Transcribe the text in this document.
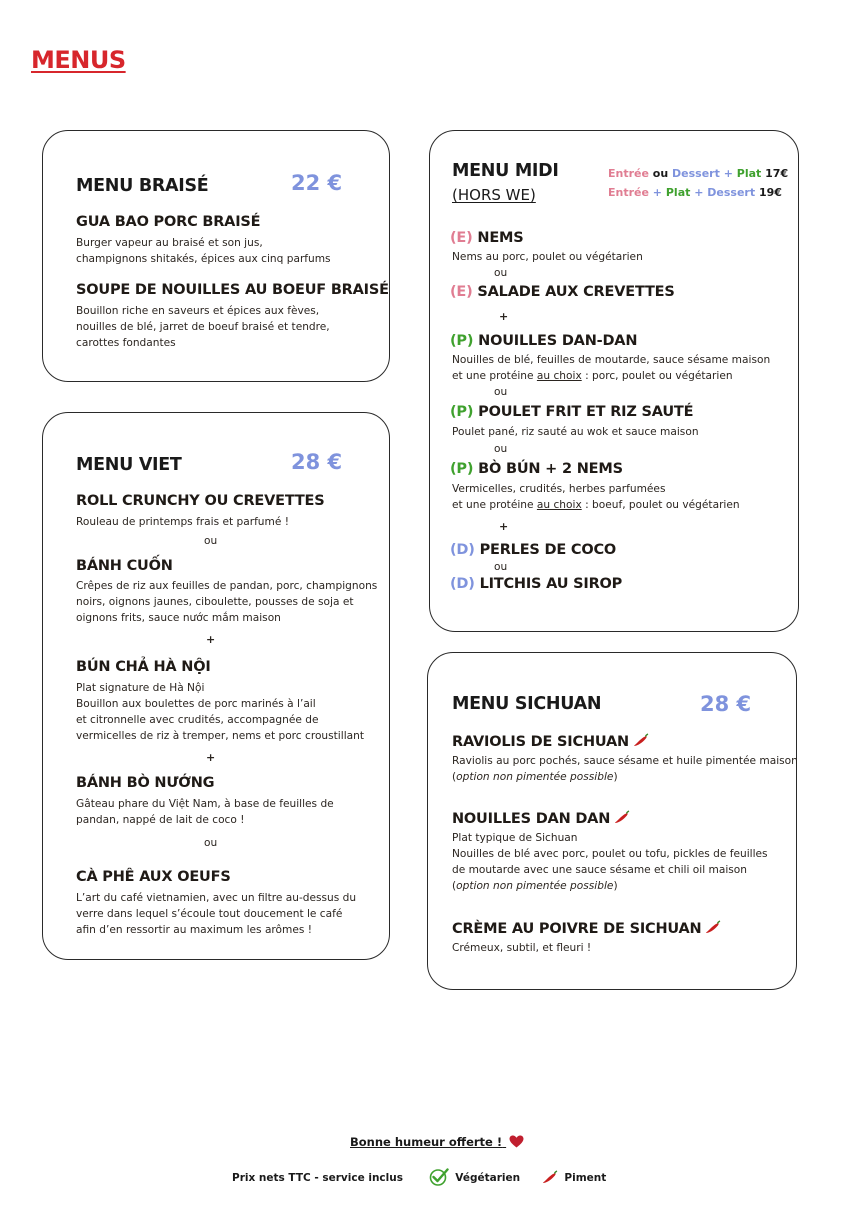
MENUS
MENU BRAISÉ	22 €
GUA BAO PORC BRAISÉ
Burger vapeur au braisé et son jus,
champignons shitakés, épices aux cinq parfums
SOUPE DE NOUILLES AU BOEUF BRAISÉ
Bouillon riche en saveurs et épices aux fèves,
nouilles de blé, jarret de boeuf braisé et tendre,
carottes fondantes
MENU VIET	28 €
ROLL CRUNCHY OU CREVETTES
Rouleau de printemps frais et parfumé !
ou
BÁNH CUỐN
Crêpes de riz aux feuilles de pandan, porc, champignons
noirs, oignons jaunes, ciboulette, pousses de soja et
oignons frits, sauce nước mắm maison
+
BÚN CHẢ HÀ NỘI
Plat signature de Hà Nội
Bouillon aux boulettes de porc marinés à l’ail
et citronnelle avec crudités, accompagnée de
vermicelles de riz à tremper, nems et porc croustillant
+
BÁNH BÒ NƯỚNG
Gâteau phare du Việt Nam, à base de feuilles de
pandan, nappé de lait de coco !
ou
CÀ PHÊ AUX OEUFS
L’art du café vietnamien, avec un filtre au-dessus du
verre dans lequel s’écoule tout doucement le café
afin d’en ressortir au maximum les arômes !
MENU MIDI
(HORS WE)
Entrée ou Dessert + Plat 17€
Entrée + Plat + Dessert 19€
(E) NEMS
Nems au porc, poulet ou végétarien
ou
(E) SALADE AUX CREVETTES
+
(P) NOUILLES DAN-DAN
Nouilles de blé, feuilles de moutarde, sauce sésame maison
et une protéine au choix : porc, poulet ou végétarien
ou
(P) POULET FRIT ET RIZ SAUTÉ
Poulet pané, riz sauté au wok et sauce maison
ou
(P) BÒ BÚN + 2 NEMS
Vermicelles, crudités, herbes parfumées
et une protéine au choix : boeuf, poulet ou végétarien
+
(D) PERLES DE COCO
ou
(D) LITCHIS AU SIROP
MENU SICHUAN	28 €
RAVIOLIS DE SICHUAN
Raviolis au porc pochés, sauce sésame et huile pimentée maison
(option non pimentée possible)
NOUILLES DAN DAN
Plat typique de Sichuan
Nouilles de blé avec porc, poulet ou tofu, pickles de feuilles
de moutarde avec une sauce sésame et chili oil maison
(option non pimentée possible)
CRÈME AU POIVRE DE SICHUAN
Crémeux, subtil, et fleuri !
Bonne humeur offerte !
Prix nets TTC - service inclus	Végétarien	Piment
